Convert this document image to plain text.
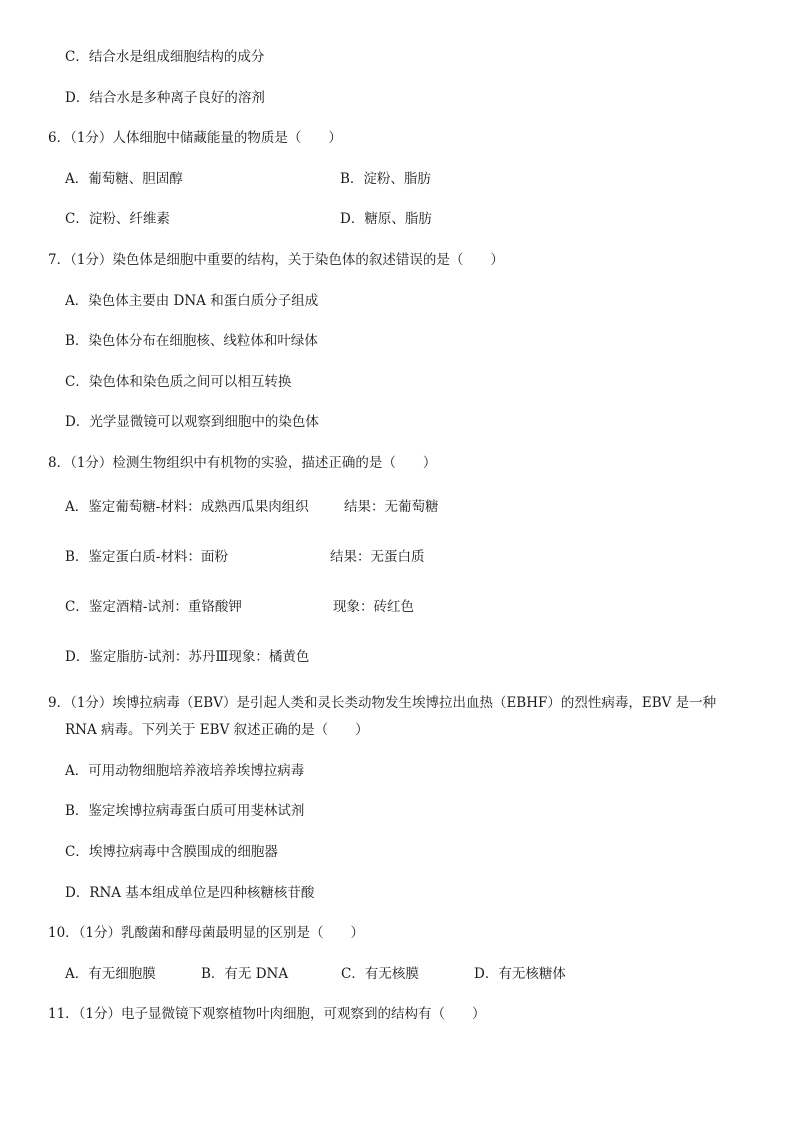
C．结合水是组成细胞结构的成分
D．结合水是多种离子良好的溶剂
6．（1分）人体细胞中储藏能量的物质是（　　）
A．葡萄糖、胆固醇	B．淀粉、脂肪
C．淀粉、纤维素	D．糖原、脂肪
7．（1分）染色体是细胞中重要的结构，关于染色体的叙述错误的是（　　）
A．染色体主要由 DNA 和蛋白质分子组成
B．染色体分布在细胞核、线粒体和叶绿体
C．染色体和染色质之间可以相互转换
D．光学显微镜可以观察到细胞中的染色体
8．（1分）检测生物组织中有机物的实验，描述正确的是（　　）
A．鉴定葡萄糖-材料：成熟西瓜果肉组织	结果：无葡萄糖
B．鉴定蛋白质-材料：面粉	结果：无蛋白质
C．鉴定酒精-试剂：重铬酸钾	现象：砖红色
D．鉴定脂肪-试剂：苏丹Ⅲ现象：橘黄色
9．（1分）埃博拉病毒（EBV）是引起人类和灵长类动物发生埃博拉出血热（EBHF）的烈性病毒，EBV 是一种
RNA 病毒。下列关于 EBV 叙述正确的是（　　）
A．可用动物细胞培养液培养埃博拉病毒
B．鉴定埃博拉病毒蛋白质可用斐林试剂
C．埃博拉病毒中含膜围成的细胞器
D．RNA 基本组成单位是四种核糖核苷酸
10．（1分）乳酸菌和酵母菌最明显的区别是（　　）
A．有无细胞膜	B．有无 DNA	C．有无核膜	D．有无核糖体
11．（1分）电子显微镜下观察植物叶肉细胞，可观察到的结构有（　　）
